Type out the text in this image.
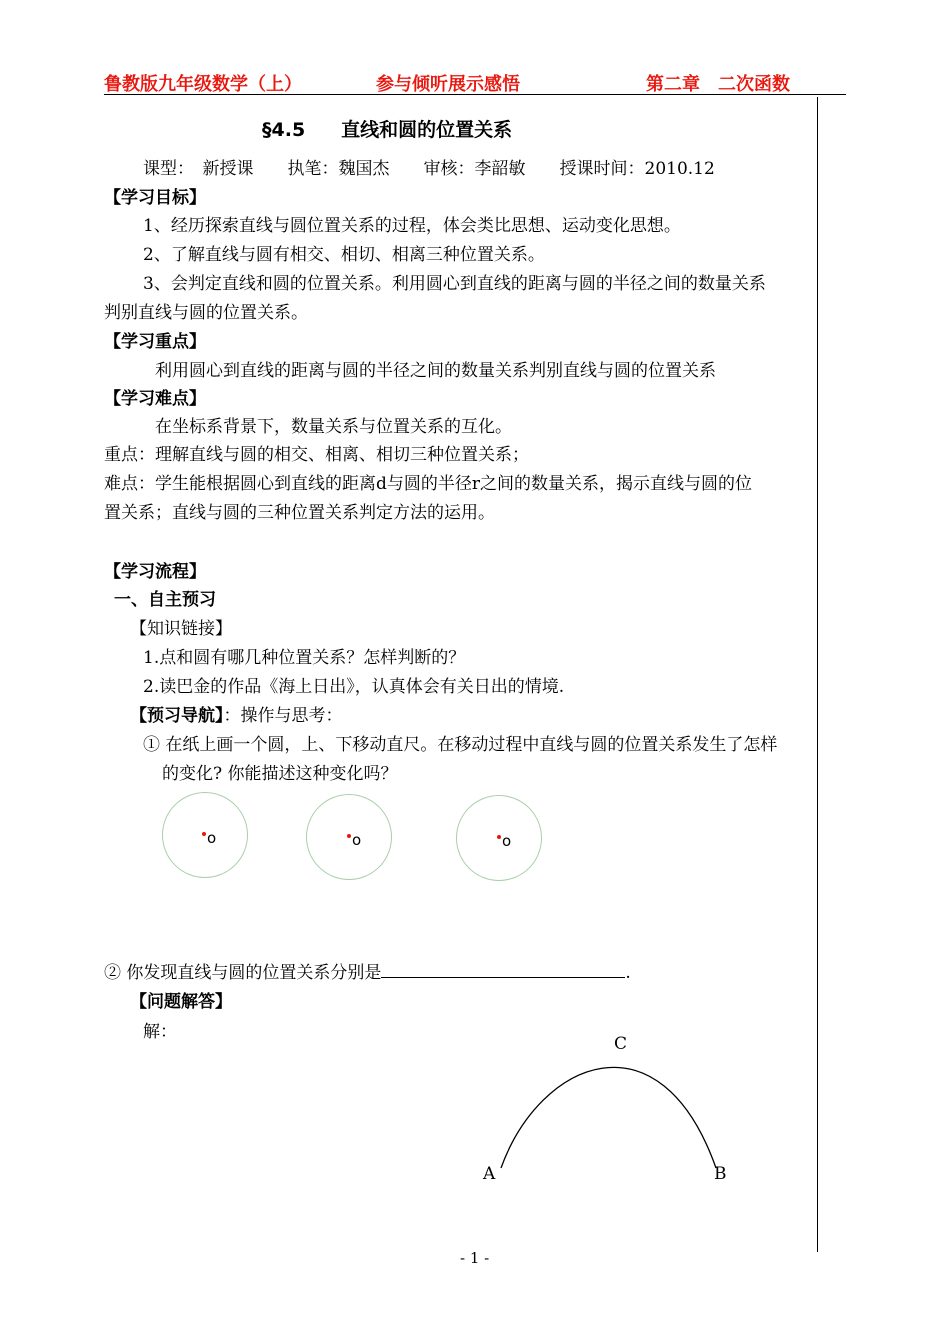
鲁教版九年级数学（上）	参与倾听展示感悟	第二章　二次函数
§4.5 直线和圆的位置关系
课型：　新授课　　执笔：魏国杰　　审核：李韶敏　　授课时间：2010.12
【学习目标】
1、经历探索直线与圆位置关系的过程，体会类比思想、运动变化思想。
2、了解直线与圆有相交、相切、相离三种位置关系。
3、会判定直线和圆的位置关系。利用圆心到直线的距离与圆的半径之间的数量关系
判别直线与圆的位置关系。
【学习重点】
利用圆心到直线的距离与圆的半径之间的数量关系判别直线与圆的位置关系
【学习难点】
在坐标系背景下，数量关系与位置关系的互化。
重点：理解直线与圆的相交、相离、相切三种位置关系；
难点：学生能根据圆心到直线的距离d与圆的半径r之间的数量关系，揭示直线与圆的位
置关系；直线与圆的三种位置关系判定方法的运用。
【学习流程】
一、自主预习
【知识链接】
1.点和圆有哪几种位置关系？怎样判断的？
2.读巴金的作品《海上日出》，认真体会有关日出的情境.
【预习导航】：操作与思考：
① 在纸上画一个圆，上、下移动直尺。在移动过程中直线与圆的位置关系发生了怎样
的变化? 你能描述这种变化吗？
o	o	o
② 你发现直线与圆的位置关系分别是	.
【问题解答】
解：
C
A	B
- 1 -
